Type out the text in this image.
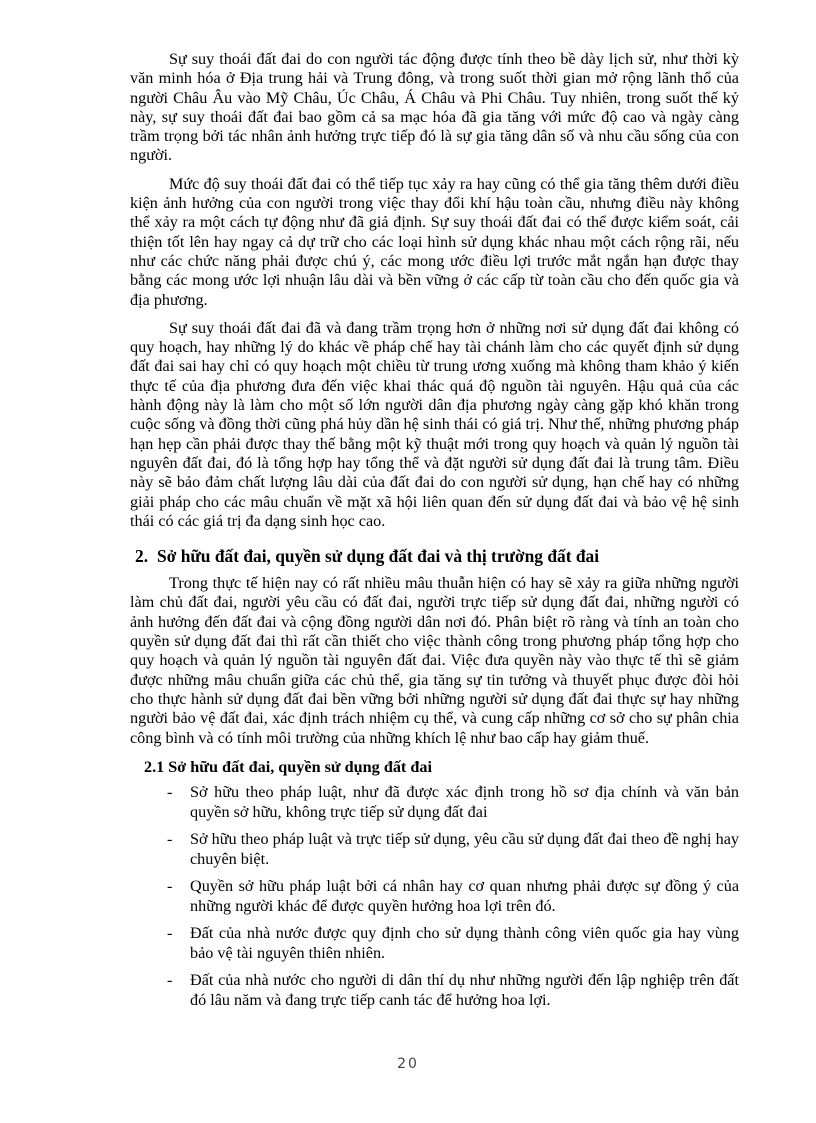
Sự suy thoái đất đai do con người tác động được tính theo bề dày lịch sử, như thời kỳ văn minh hóa ở Địa trung hải và Trung đông, và trong suốt thời gian mở rộng lãnh thổ của người Châu Âu vào Mỹ Châu, Úc Châu, Á Châu và Phi Châu. Tuy nhiên, trong suốt thế kỷ này, sự suy thoái đất đai bao gồm cả sa mạc hóa đã gia tăng với mức độ cao và ngày càng trầm trọng bởi tác nhân ảnh hưởng trực tiếp đó là sự gia tăng dân số và nhu cầu sống của con người.

Mức độ suy thoái đất đai có thể tiếp tục xảy ra hay cũng có thể gia tăng thêm dưới điều kiện ảnh hưởng của con người trong việc thay đổi khí hậu toàn cầu, nhưng điều này không thể xảy ra một cách tự động như đã giả định. Sự suy thoái đất đai có thể được kiểm soát, cải thiện tốt lên hay ngay cả dự trữ cho các loại hình sử dụng khác nhau một cách rộng rãi, nếu như các chức năng phải được chú ý, các mong ước điều lợi trước mắt ngắn hạn được thay bằng các mong ước lợi nhuận lâu dài và bền vững ở các cấp từ toàn cầu cho đến quốc gia và địa phương.

Sự suy thoái đất đai đã và đang trầm trọng hơn ở những nơi sử dụng đất đai không có quy hoạch, hay những lý do khác về pháp chế hay tài chánh làm cho các quyết định sử dụng đất đai sai hay chỉ có quy hoạch một chiều từ trung ương xuống mà không tham khảo ý kiến thực tế của địa phương đưa đến việc khai thác quá độ nguồn tài nguyên. Hậu quả của các hành động này là làm cho một số lớn người dân địa phương ngày càng gặp khó khăn trong cuộc sống và đồng thời cũng phá hủy dần hệ sinh thái có giá trị. Như thế, những phương pháp hạn hẹp cần phải được thay thế bằng một kỹ thuật mới trong quy hoạch và quản lý nguồn tài nguyên đất đai, đó là tổng hợp hay tổng thể và đặt người sử dụng đất đai là trung tâm. Điều này sẽ bảo đảm chất lượng lâu dài của đất đai do con người sử dụng, hạn chế hay có những giải pháp cho các mâu chuẩn về mặt xã hội liên quan đến sử dụng đất đai và bảo vệ hệ sinh thái có các giá trị đa dạng sinh học cao.

2. Sở hữu đất đai, quyền sử dụng đất đai và thị trường đất đai

Trong thực tế hiện nay có rất nhiều mâu thuẫn hiện có hay sẽ xảy ra giữa những người làm chủ đất đai, người yêu cầu có đất đai, người trực tiếp sử dụng đất đai, những người có ảnh hưởng đến đất đai và cộng đồng người dân nơi đó. Phân biệt rõ ràng và tính an toàn cho quyền sử dụng đất đai thì rất cần thiết cho việc thành công trong phương pháp tổng hợp cho quy hoạch và quản lý nguồn tài nguyên đất đai. Việc đưa quyền này vào thực tế thì sẽ giảm được những mâu chuẩn giữa các chủ thể, gia tăng sự tin tưởng và thuyết phục được đòi hỏi cho thực hành sử dụng đất đai bền vững bởi những người sử dụng đất đai thực sự hay những người bảo vệ đất đai, xác định trách nhiệm cụ thể, và cung cấp những cơ sở cho sự phân chia công bình và có tính môi trường của những khích lệ như bao cấp hay giảm thuế.

2.1 Sở hữu đất đai, quyền sử dụng đất đai
- Sở hữu theo pháp luật, như đã được xác định trong hồ sơ địa chính và văn bản quyền sở hữu, không trực tiếp sử dụng đất đai
- Sở hữu theo pháp luật và trực tiếp sử dụng, yêu cầu sử dụng đất đai theo đề nghị hay chuyên biệt.
- Quyền sở hữu pháp luật bởi cá nhân hay cơ quan nhưng phải được sự đồng ý của những người khác để được quyền hưởng hoa lợi trên đó.
- Đất của nhà nước được quy định cho sử dụng thành công viên quốc gia hay vùng bảo vệ tài nguyên thiên nhiên.
- Đất của nhà nước cho người di dân thí dụ như những người đến lập nghiệp trên đất đó lâu năm và đang trực tiếp canh tác để hưởng hoa lợi.
20
